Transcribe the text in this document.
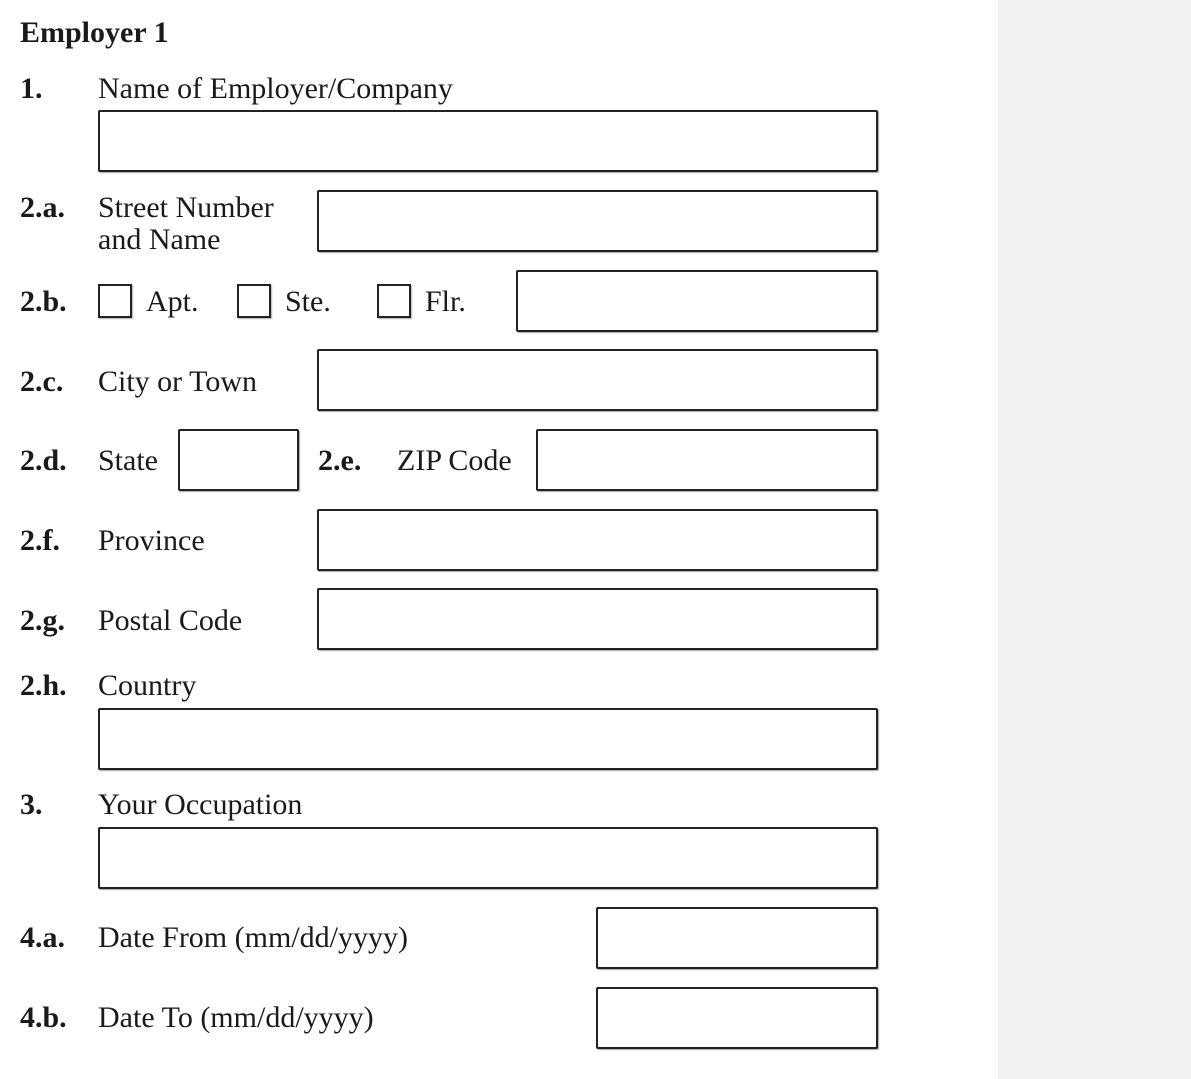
Employer 1
1. Name of Employer/Company
2.a. Street Number
and Name
2.b.	Apt.	Ste.	Flr.
2.c. City or Town
2.d. State	2.e. ZIP Code
2.f. Province
2.g. Postal Code
2.h. Country
3. Your Occupation
4.a. Date From (mm/dd/yyyy)
4.b. Date To (mm/dd/yyyy)
